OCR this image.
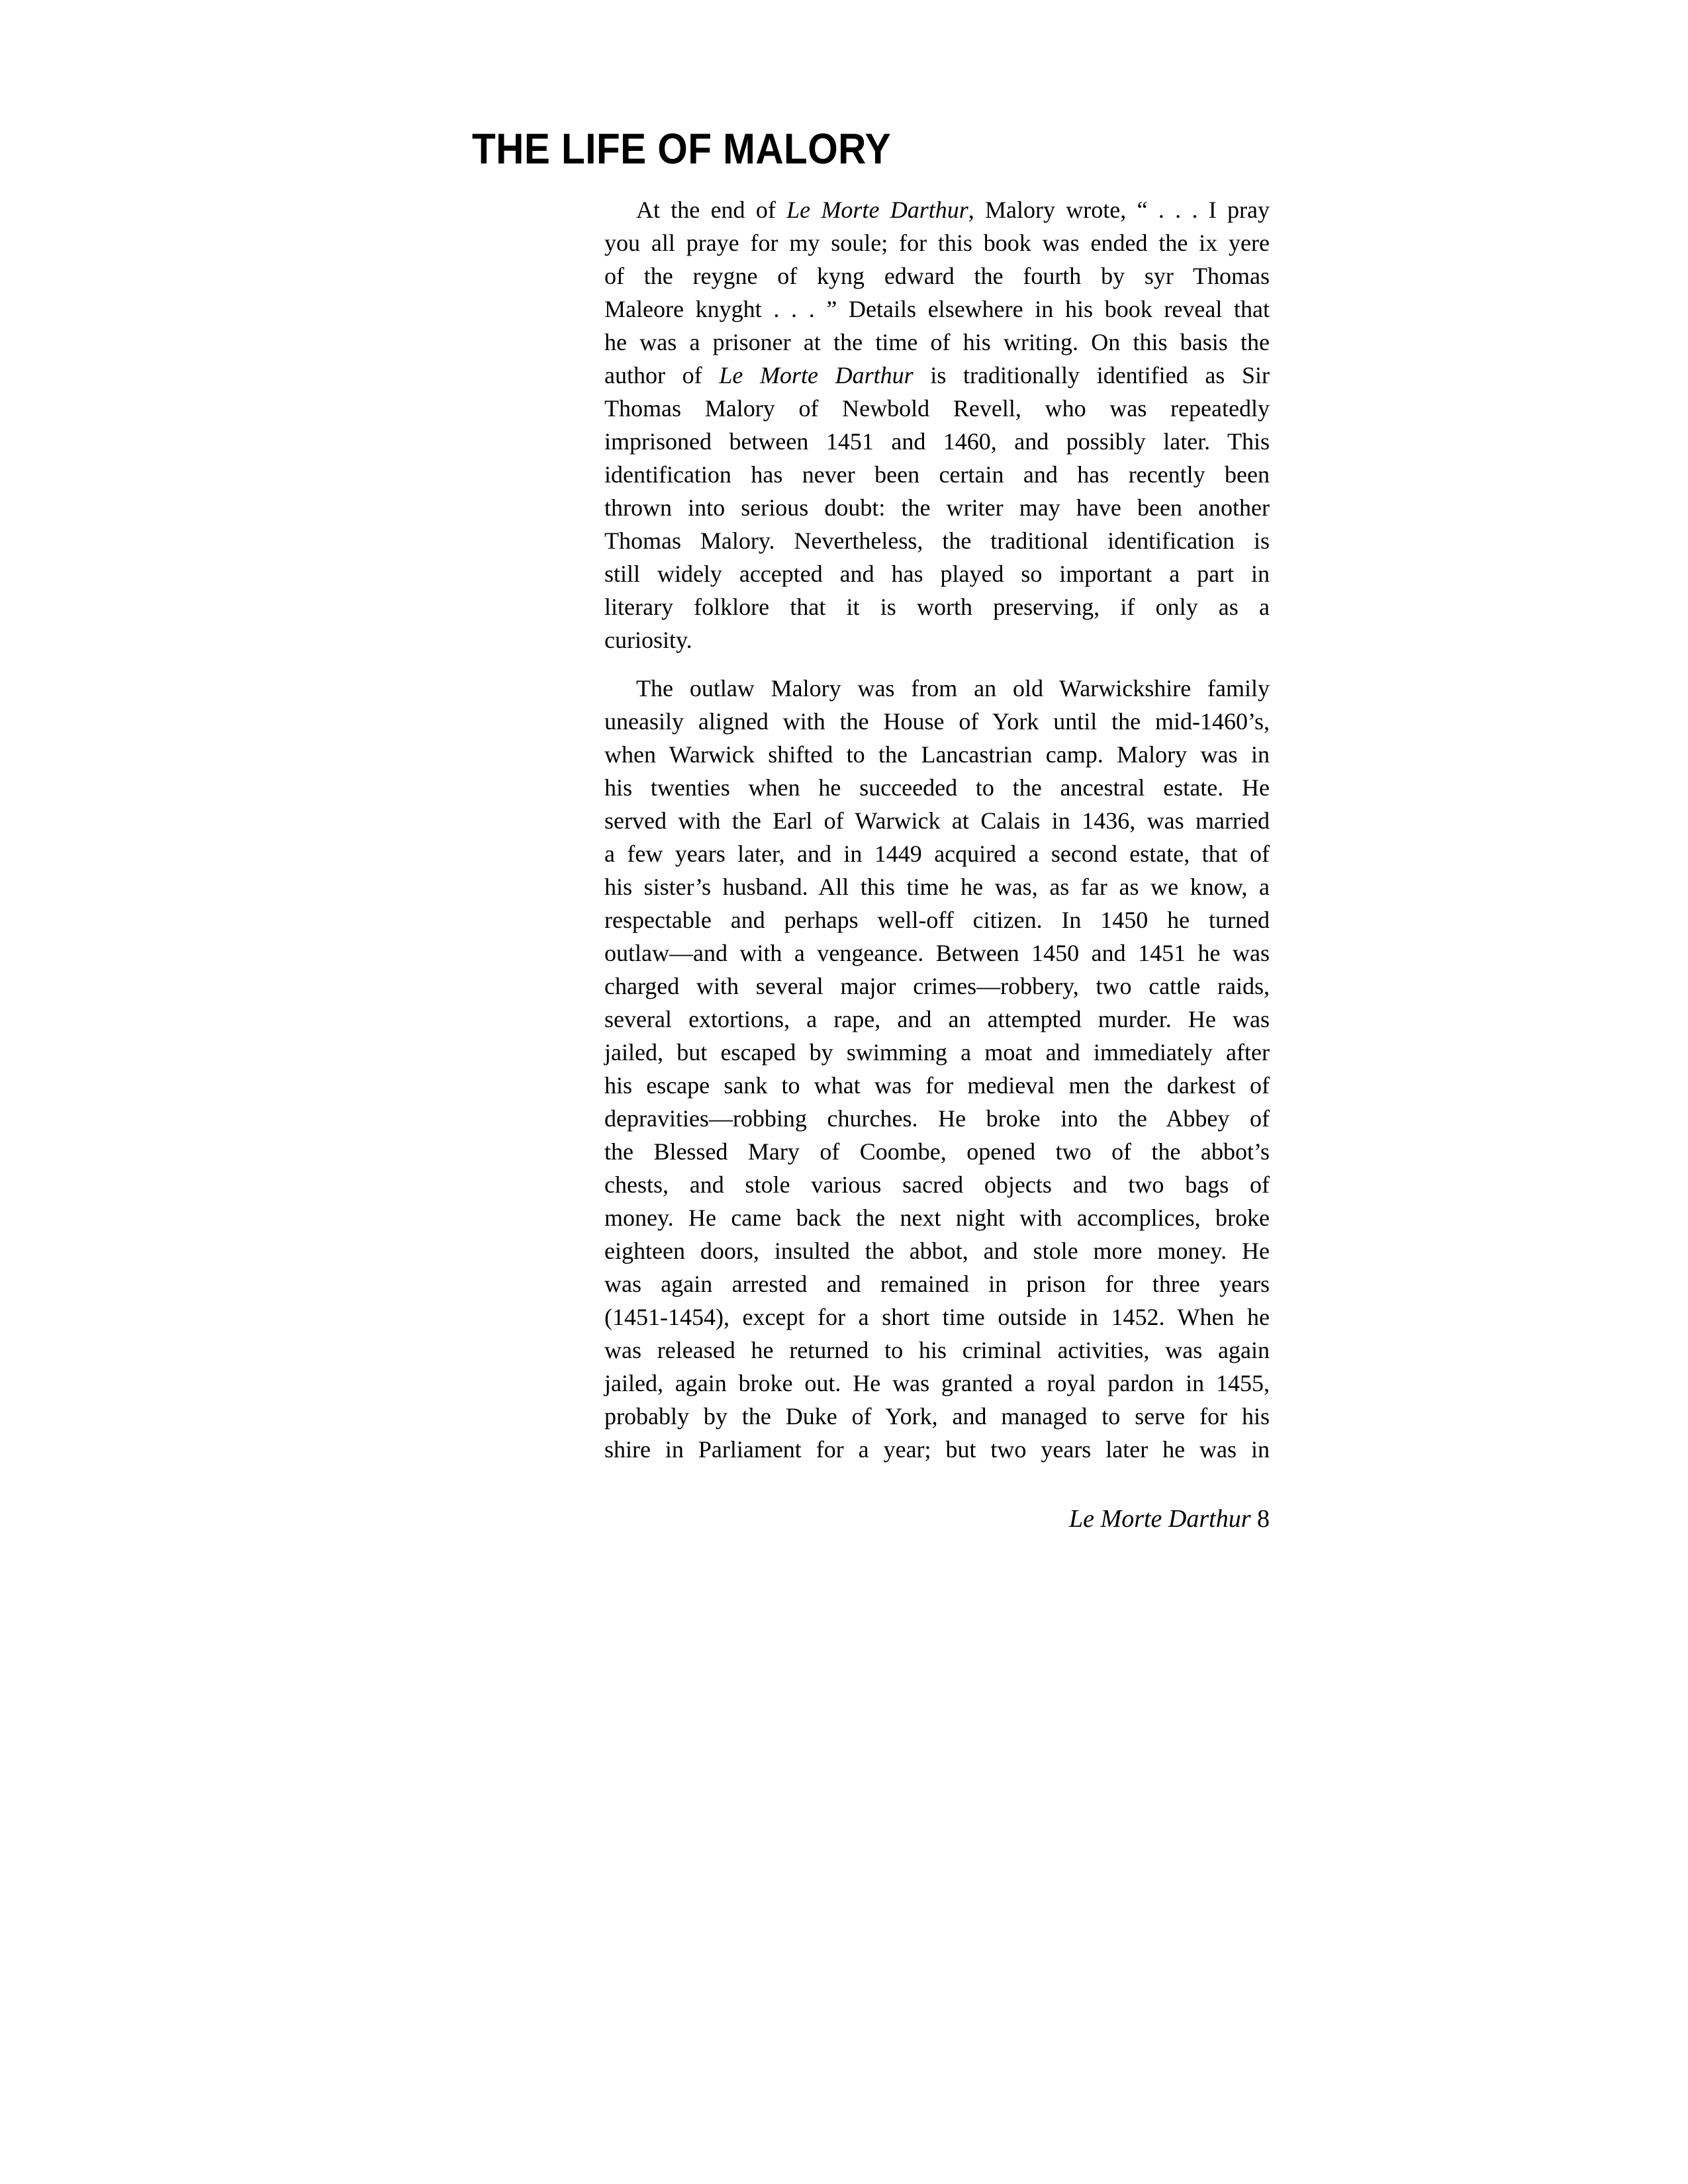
THE LIFE OF MALORY
At the end of Le Morte Darthur, Malory wrote, “ . . . I pray
you all praye for my soule; for this book was ended the ix yere
of the reygne of kyng edward the fourth by syr Thomas
Maleore knyght . . . ” Details elsewhere in his book reveal that
he was a prisoner at the time of his writing. On this basis the
author of Le Morte Darthur is traditionally identified as Sir
Thomas Malory of Newbold Revell, who was repeatedly
imprisoned between 1451 and 1460, and possibly later. This
identification has never been certain and has recently been
thrown into serious doubt: the writer may have been another
Thomas Malory. Nevertheless, the traditional identification is
still widely accepted and has played so important a part in
literary folklore that it is worth preserving, if only as a
curiosity.
The outlaw Malory was from an old Warwickshire family
uneasily aligned with the House of York until the mid-1460’s,
when Warwick shifted to the Lancastrian camp. Malory was in
his twenties when he succeeded to the ancestral estate. He
served with the Earl of Warwick at Calais in 1436, was married
a few years later, and in 1449 acquired a second estate, that of
his sister’s husband. All this time he was, as far as we know, a
respectable and perhaps well-off citizen. In 1450 he turned
outlaw—and with a vengeance. Between 1450 and 1451 he was
charged with several major crimes—robbery, two cattle raids,
several extortions, a rape, and an attempted murder. He was
jailed, but escaped by swimming a moat and immediately after
his escape sank to what was for medieval men the darkest of
depravities—robbing churches. He broke into the Abbey of
the Blessed Mary of Coombe, opened two of the abbot’s
chests, and stole various sacred objects and two bags of
money. He came back the next night with accomplices, broke
eighteen doors, insulted the abbot, and stole more money. He
was again arrested and remained in prison for three years
(1451-1454), except for a short time outside in 1452. When he
was released he returned to his criminal activities, was again
jailed, again broke out. He was granted a royal pardon in 1455,
probably by the Duke of York, and managed to serve for his
shire in Parliament for a year; but two years later he was in
Le Morte Darthur 8
